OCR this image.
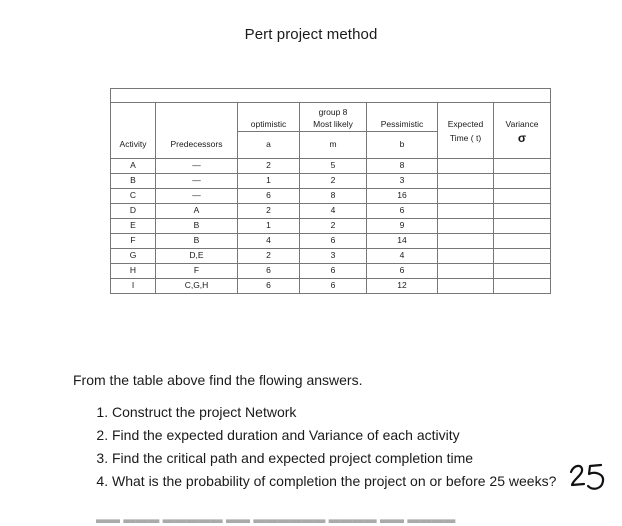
Pert project method

			group 8			
		optimistic	Most likely	Pessimistic	Expected	Variance
Activity	Predecessors	a	m	b	Time ( t)	σ
A	—	2	5	8		
B	—	1	2	3		
C	—	6	8	16		
D	A	2	4	6		
E	B	1	2	9		
F	B	4	6	14		
G	D,E	2	3	4		
H	F	6	6	6		
I	C,G,H	6	6	12		
From the table above find the flowing answers.
1. Construct the project Network
2. Find the expected duration and Variance of each activity
3. Find the critical path and expected project completion time
4. What is the probability of completion the project on or before 25 weeks?
▬▬ ▬▬▬ ▬▬▬▬▬ ▬▬ ▬▬▬▬▬▬ ▬▬▬▬ ▬▬ ▬▬▬▬
